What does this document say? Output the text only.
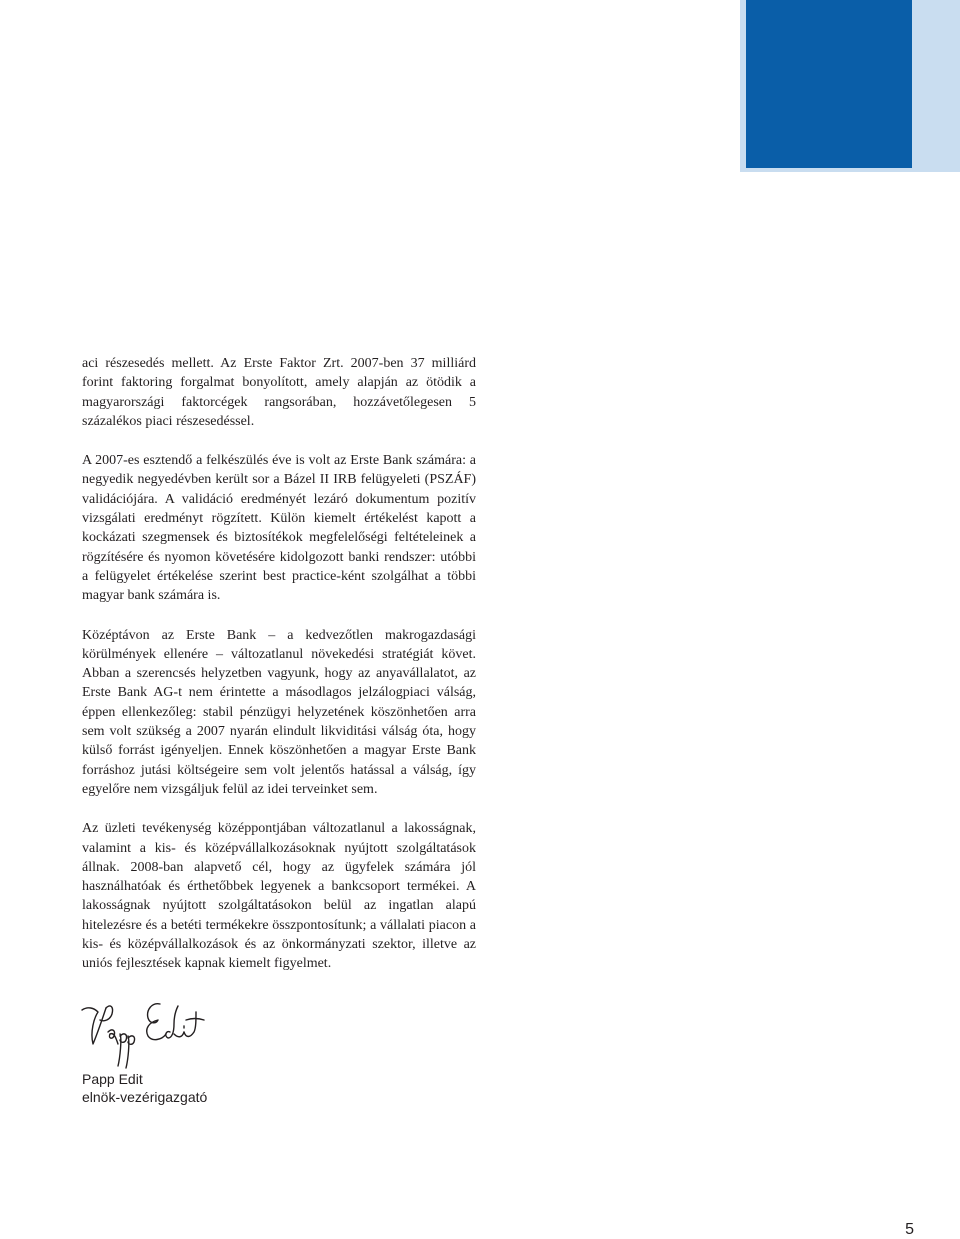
aci részesedés mellett. Az Erste Faktor Zrt. 2007-ben 37 milliárd forint faktoring forgalmat bonyolított, amely alapján az ötödik a magyarországi faktorcégek rangsorában, hozzávetőlegesen 5 százalékos piaci részesedéssel.

A 2007-es esztendő a felkészülés éve is volt az Erste Bank számára: a negyedik negyedévben került sor a Bázel II IRB felügyeleti (PSZÁF) validációjára. A validáció eredményét lezáró dokumentum pozitív vizsgálati eredményt rögzített. Külön kiemelt értékelést kapott a kockázati szegmensek és biztosítékok megfelelőségi feltételeinek a rögzítésére és nyomon követésére kidolgozott banki rendszer: utóbbi a felügyelet értékelése szerint best practice-ként szolgálhat a többi magyar bank számára is.

Középtávon az Erste Bank – a kedvezőtlen makrogazdasági körülmények ellenére – változatlanul növekedési stratégiát követ. Abban a szerencsés helyzetben vagyunk, hogy az anyavállalatot, az Erste Bank AG-t nem érintette a másodlagos jelzálogpiaci válság, éppen ellenkezőleg: stabil pénzügyi helyzetének köszönhetően arra sem volt szükség a 2007 nyarán elindult likviditási válság óta, hogy külső forrást igényeljen. Ennek köszönhetően a magyar Erste Bank forráshoz jutási költségeire sem volt jelentős hatással a válság, így egyelőre nem vizsgáljuk felül az idei terveinket sem.

Az üzleti tevékenység középpontjában változatlanul a lakosságnak, valamint a kis- és középvállalkozásoknak nyújtott szolgáltatások állnak. 2008-ban alapvető cél, hogy az ügyfelek számára jól használhatóak és érthetőbbek legyenek a bankcsoport termékei. A lakosságnak nyújtott szolgáltatásokon belül az ingatlan alapú hitelezésre és a betéti termékekre összpontosítunk; a vállalati piacon a kis- és középvállalkozások és az önkormányzati szektor, illetve az uniós fejlesztések kapnak kiemelt figyelmet.

Papp Edit

elnök-vezérigazgató

5
